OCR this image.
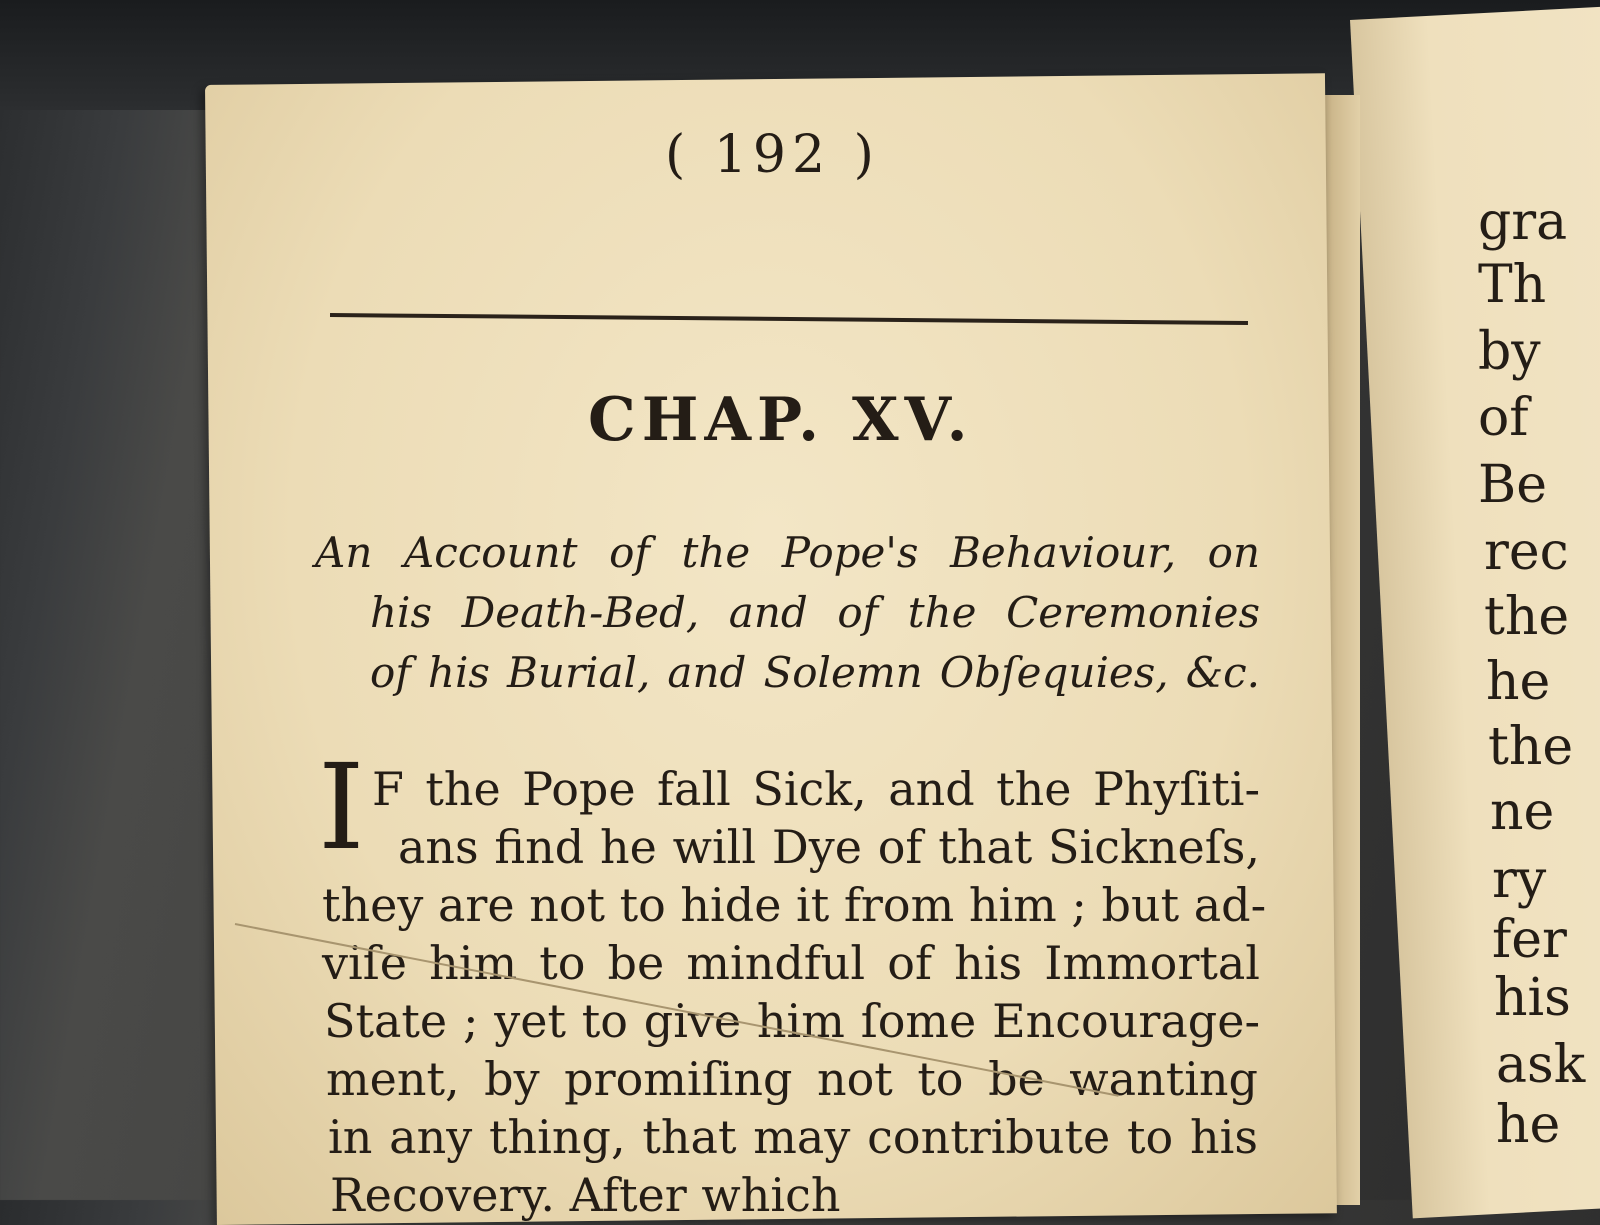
( 192 )
CHAP. XV.
An Account of the Pope's Behaviour, on
his Death-Bed, and of the Ceremonies
of his Burial, and Solemn Obſequies, &c.
I F the Pope fall Sick, and the Phyſiti-
ans find he will Dye of that Sickneſs,
they are not to hide it from him ; but ad-
viſe him to be mindful of his Immortal
State ; yet to give him ſome Encourage-
ment, by promiſing not to be wanting
in any thing, that may contribute to his
Recovery. After which
gra
Th
by
of
Be
rec
the
he
the
ne
ry
fer
his
ask
he
